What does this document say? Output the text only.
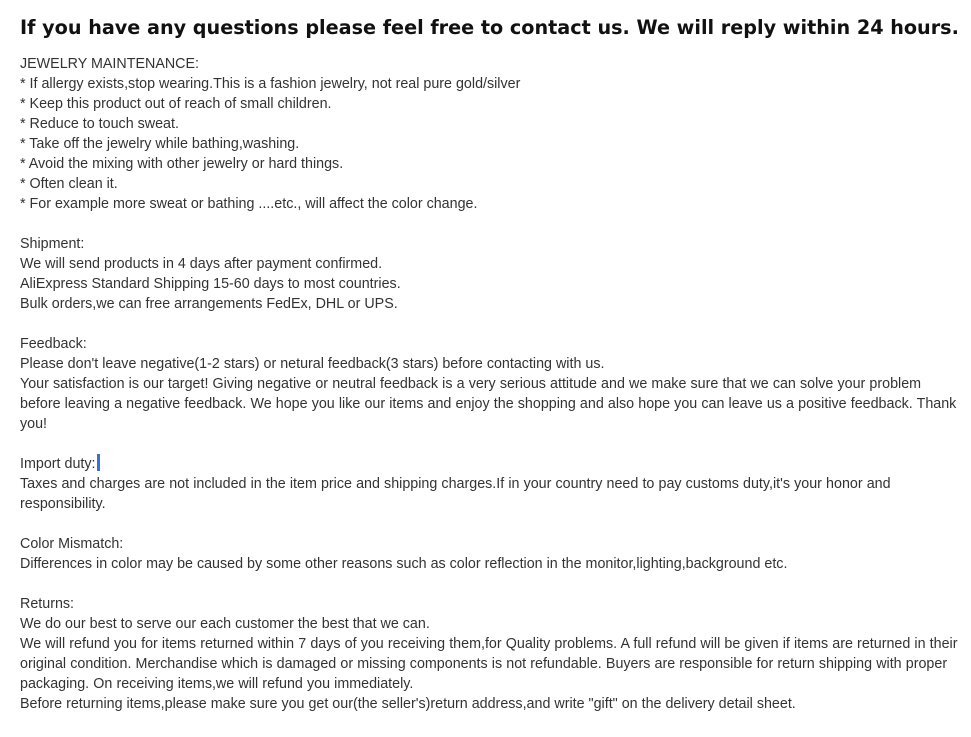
If you have any questions please feel free to contact us. We will reply within 24 hours.
JEWELRY MAINTENANCE:
* If allergy exists,stop wearing.This is a fashion jewelry, not real pure gold/silver
* Keep this product out of reach of small children.
* Reduce to touch sweat.
* Take off the jewelry while bathing,washing.
* Avoid the mixing with other jewelry or hard things.
* Often clean it.
* For example more sweat or bathing ....etc., will affect the color change.
Shipment:
We will send products in 4 days after payment confirmed.
AliExpress Standard Shipping 15-60 days to most countries.
Bulk orders,we can free arrangements FedEx, DHL or UPS.
Feedback:
Please don't leave negative(1-2 stars) or netural feedback(3 stars) before contacting with us.
Your satisfaction is our target! Giving negative or neutral feedback is a very serious attitude and we make sure that we can solve your problem before leaving a negative feedback. We hope you like our items and enjoy the shopping and also hope you can leave us a positive feedback. Thank you!
Import duty:
Taxes and charges are not included in the item price and shipping charges.If in your country need to pay customs duty,it's your honor and responsibility.
Color Mismatch:
Differences in color may be caused by some other reasons such as color reflection in the monitor,lighting,background etc.
Returns:
We do our best to serve our each customer the best that we can.
We will refund you for items returned within 7 days of you receiving them,for Quality problems. A full refund will be given if items are returned in their original condition. Merchandise which is damaged or missing components is not refundable. Buyers are responsible for return shipping with proper packaging. On receiving items,we will refund you immediately.
Before returning items,please make sure you get our(the seller's)return address,and write "gift" on the delivery detail sheet.
